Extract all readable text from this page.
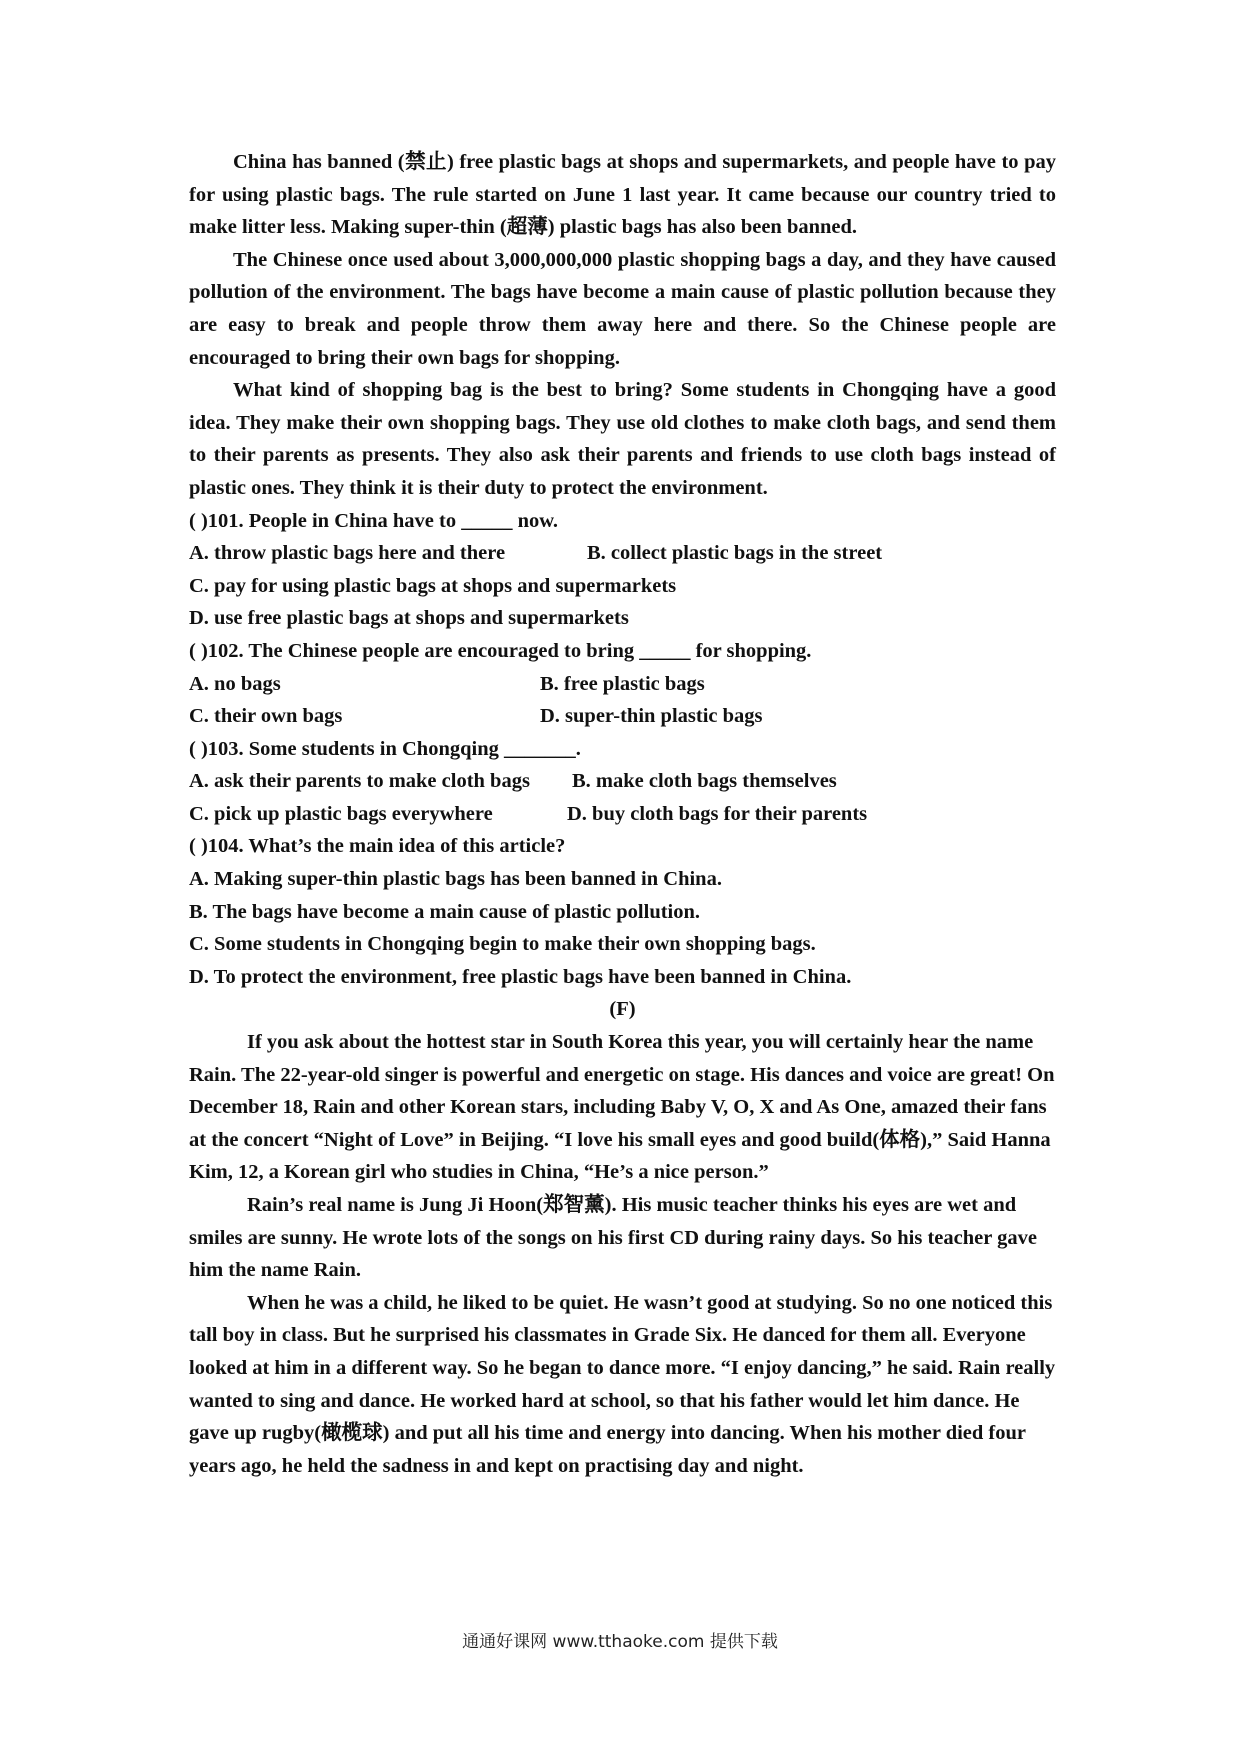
China has banned (禁止) free plastic bags at shops and supermarkets, and people have to pay for using plastic bags. The rule started on June 1 last year. It came because our country tried to make litter less. Making super-thin (超薄) plastic bags has also been banned.

The Chinese once used about 3,000,000,000 plastic shopping bags a day, and they have caused pollution of the environment. The bags have become a main cause of plastic pollution because they are easy to break and people throw them away here and there. So the Chinese people are encouraged to bring their own bags for shopping.

What kind of shopping bag is the best to bring? Some students in Chongqing have a good idea. They make their own shopping bags. They use old clothes to make cloth bags, and send them to their parents as presents. They also ask their parents and friends to use cloth bags instead of plastic ones. They think it is their duty to protect the environment.

( )101. People in China have to _____ now.
A. throw plastic bags here and there	B. collect plastic bags in the street
C. pay for using plastic bags at shops and supermarkets
D. use free plastic bags at shops and supermarkets
( )102. The Chinese people are encouraged to bring _____ for shopping.
A. no bags	B. free plastic bags
C. their own bags	D. super-thin plastic bags
( )103. Some students in Chongqing _______.
A. ask their parents to make cloth bags B. make cloth bags themselves
C. pick up plastic bags everywhere	D. buy cloth bags for their parents
( )104. What’s the main idea of this article?
A. Making super-thin plastic bags has been banned in China.
B. The bags have become a main cause of plastic pollution.
C. Some students in Chongqing begin to make their own shopping bags.
D. To protect the environment, free plastic bags have been banned in China.
(F)

If you ask about the hottest star in South Korea this year, you will certainly hear the name Rain. The 22-year-old singer is powerful and energetic on stage. His dances and voice are great! On December 18, Rain and other Korean stars, including Baby V, O, X and As One, amazed their fans at the concert “Night of Love” in Beijing. “I love his small eyes and good build(体格),” Said Hanna Kim, 12, a Korean girl who studies in China, “He’s a nice person.”

Rain’s real name is Jung Ji Hoon(郑智薰). His music teacher thinks his eyes are wet and smiles are sunny. He wrote lots of the songs on his first CD during rainy days. So his teacher gave him the name Rain.

When he was a child, he liked to be quiet. He wasn’t good at studying. So no one noticed this tall boy in class. But he surprised his classmates in Grade Six. He danced for them all. Everyone looked at him in a different way. So he began to dance more. “I enjoy dancing,” he said. Rain really wanted to sing and dance. He worked hard at school, so that his father would let him dance. He gave up rugby(橄榄球) and put all his time and energy into dancing. When his mother died four years ago, he held the sadness in and kept on practising day and night.

通通好课网 www.tthaoke.com 提供下载
